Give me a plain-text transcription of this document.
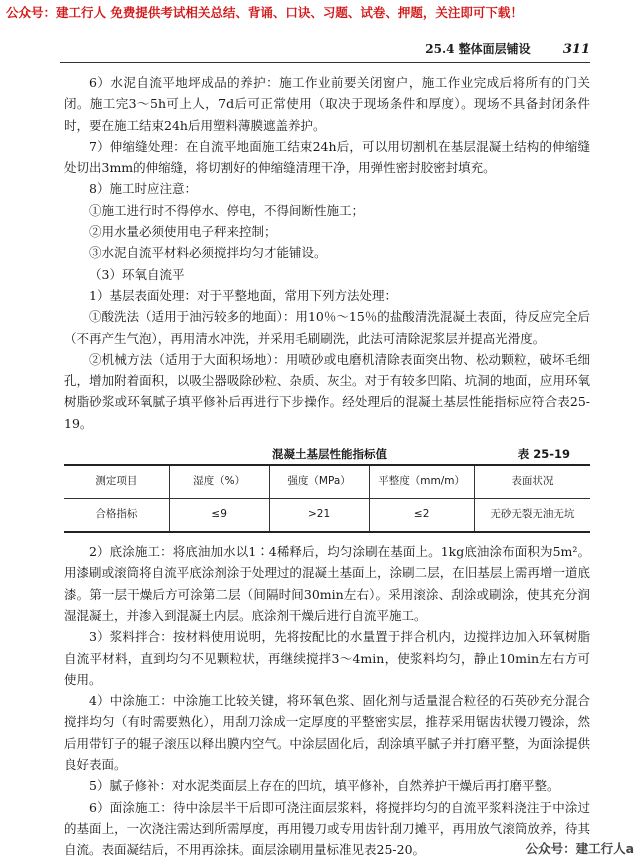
公众号：建工行人 免费提供考试相关总结、背诵、口诀、习题、试卷、押题，关注即可下载！
25.4 整体面层铺设 311

6）水泥自流平地坪成品的养护：施工作业前要关闭窗户，施工作业完成后将所有的门关闭。施工完3～5h可上人，7d后可正常使用（取决于现场条件和厚度）。现场不具备封闭条件时，要在施工结束24h后用塑料薄膜遮盖养护。

7）伸缩缝处理：在自流平地面施工结束24h后，可以用切割机在基层混凝土结构的伸缩缝处切出3mm的伸缩缝，将切割好的伸缩缝清理干净，用弹性密封胶密封填充。

8）施工时应注意：

①施工进行时不得停水、停电，不得间断性施工；

②用水量必须使用电子秤来控制；

③水泥自流平材料必须搅拌均匀才能铺设。

（3）环氧自流平

1）基层表面处理：对于平整地面，常用下列方法处理：

①酸洗法（适用于油污较多的地面）：用10％～15％的盐酸清洗混凝土表面，待反应完全后（不再产生气泡），再用清水冲洗，并采用毛刷刷洗，此法可清除泥浆层并提高光滑度。

②机械方法（适用于大面积场地）：用喷砂或电磨机清除表面突出物、松动颗粒，破坏毛细孔，增加附着面积，以吸尘器吸除砂粒、杂质、灰尘。对于有较多凹陷、坑洞的地面，应用环氧树脂砂浆或环氧腻子填平修补后再进行下步操作。经处理后的混凝土基层性能指标应符合表25-19。

混凝土基层性能指标值	表 25-19
测定项目	湿度（%）	强度（MPa）	平整度（mm/m）	表面状况
合格指标	≤9	>21	≤2	无砂无裂无油无坑

2）底涂施工：将底油加水以1∶4稀释后，均匀涂刷在基面上。1kg底油涂布面积为5m²。用漆刷或滚筒将自流平底涂剂涂于处理过的混凝土基面上，涂刷二层，在旧基层上需再增一道底漆。第一层干燥后方可涂第二层（间隔时间30min左右）。采用滚涂、刮涂或刷涂，使其充分润湿混凝土，并渗入到混凝土内层。底涂剂干燥后进行自流平施工。

3）浆料拌合：按材料使用说明，先将按配比的水量置于拌合机内，边搅拌边加入环氧树脂自流平材料，直到均匀不见颗粒状，再继续搅拌3～4min，使浆料均匀，静止10min左右方可使用。

4）中涂施工：中涂施工比较关键，将环氧色浆、固化剂与适量混合粒径的石英砂充分混合搅拌均匀（有时需要熟化），用刮刀涂成一定厚度的平整密实层，推荐采用锯齿状镘刀镘涂，然后用带钉子的辊子滚压以释出膜内空气。中涂层固化后，刮涂填平腻子并打磨平整，为面涂提供良好表面。

5）腻子修补：对水泥类面层上存在的凹坑，填平修补，自然养护干燥后再打磨平整。

6）面涂施工：待中涂层半干后即可浇注面层浆料，将搅拌均匀的自流平浆料浇注于中涂过的基面上，一次浇注需达到所需厚度，再用镘刀或专用齿针刮刀摊平，再用放气滚筒放养，待其自流。表面凝结后，不用再涂抹。面层涂刷用量标准见表25-20。	公众号：建工行人a
